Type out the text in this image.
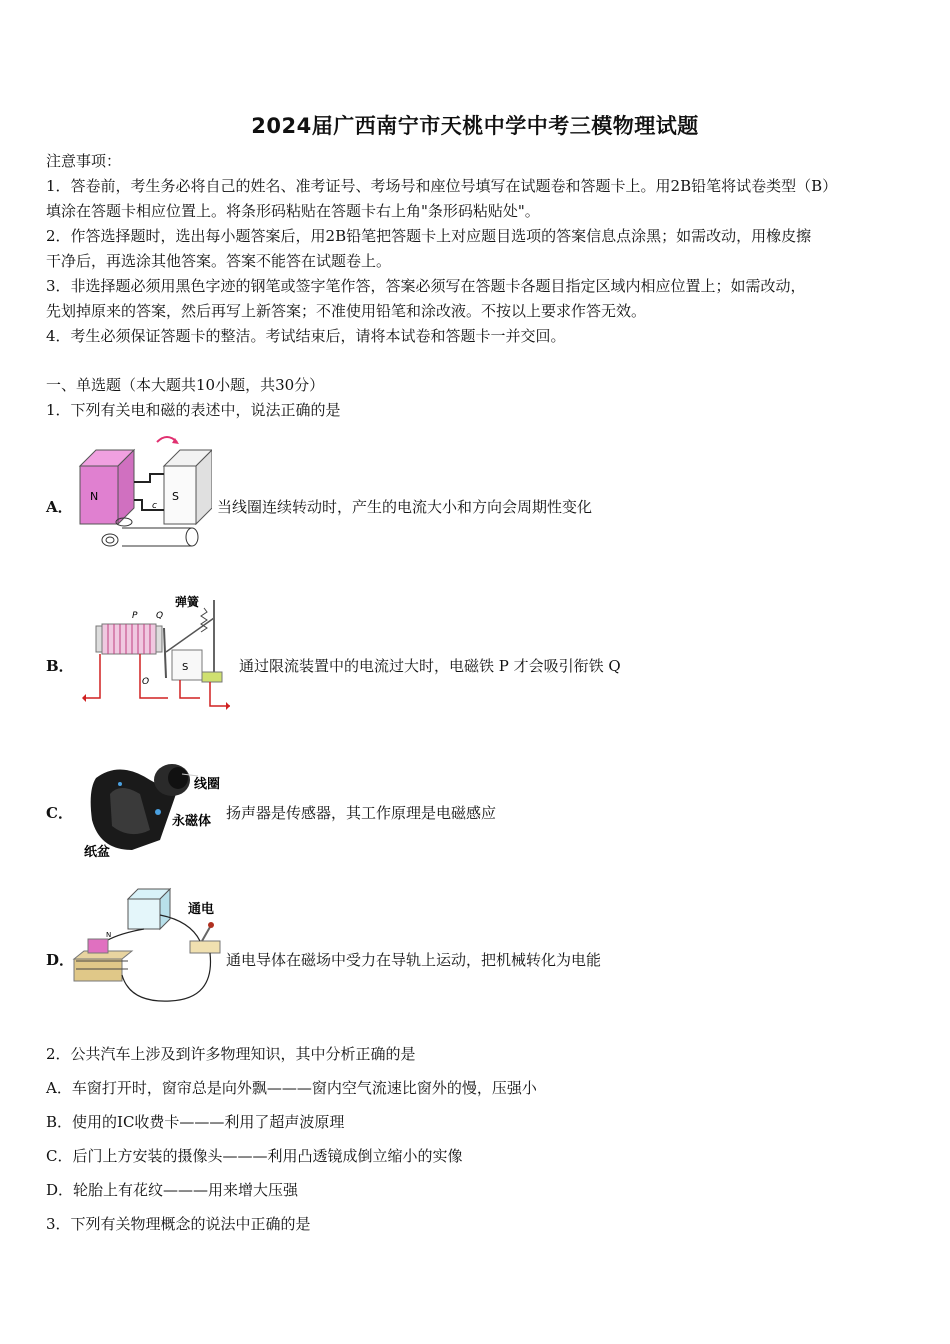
2024届广西南宁市天桃中学中考三模物理试题
注意事项：
1．答卷前，考生务必将自己的姓名、准考证号、考场号和座位号填写在试题卷和答题卡上。用2B铅笔将试卷类型（B）
填涂在答题卡相应位置上。将条形码粘贴在答题卡右上角"条形码粘贴处"。
2．作答选择题时，选出每小题答案后，用2B铅笔把答题卡上对应题目选项的答案信息点涂黑；如需改动，用橡皮擦
干净后，再选涂其他答案。答案不能答在试题卷上。
3．非选择题必须用黑色字迹的钢笔或签字笔作答，答案必须写在答题卡各题目指定区域内相应位置上；如需改动，
先划掉原来的答案，然后再写上新答案；不准使用铅笔和涂改液。不按以上要求作答无效。
4．考生必须保证答题卡的整洁。考试结束后，请将本试卷和答题卡一并交回。
一、单选题（本大题共10小题，共30分）
1．下列有关电和磁的表述中，说法正确的是
A．
N	S
c	当线圈连续转动时，产生的电流大小和方向会周期性变化
B．
弹簧
P Q
S
O
通过限流装置中的电流过大时，电磁铁 P 才会吸引衔铁 Q
C．
线圈
永磁体
纸盆
扬声器是传感器，其工作原理是电磁感应
D．
通电
N
通电导体在磁场中受力在导轨上运动，把机械转化为电能
2．公共汽车上涉及到许多物理知识，其中分析正确的是
A．车窗打开时，窗帘总是向外飘———窗内空气流速比窗外的慢，压强小
B．使用的IC收费卡———利用了超声波原理
C．后门上方安装的摄像头———利用凸透镜成倒立缩小的实像
D．轮胎上有花纹———用来增大压强
3．下列有关物理概念的说法中正确的是
